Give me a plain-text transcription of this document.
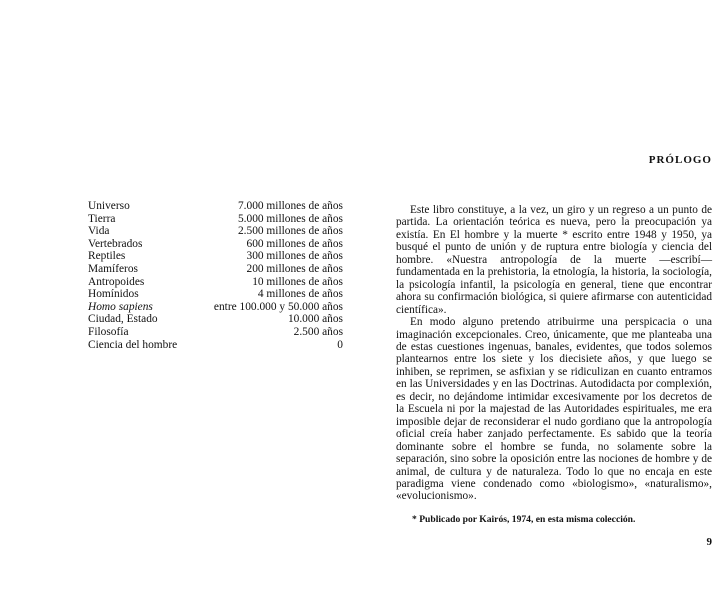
Universo	7.000 millones de años
Tierra	5.000 millones de años
Vida	2.500 millones de años
Vertebrados	600 millones de años
Reptiles	300 millones de años
Mamíferos	200 millones de años
Antropoides	10 millones de años
Homínidos	4 millones de años
Homo sapiens	entre 100.000 y 50.000 años
Ciudad, Estado	10.000 años
Filosofía	2.500 años
Ciencia del hombre	0
PRÓLOGO

Este libro constituye, a la vez, un giro y un regreso a un punto de partida. La orientación teórica es nueva, pero la preocupación ya existía. En El hombre y la muerte * escrito entre 1948 y 1950, ya busqué el punto de unión y de ruptura entre biología y ciencia del hombre. «Nuestra antropología de la muerte —escribí— fundamentada en la prehistoria, la etnología, la historia, la sociología, la psicología infantil, la psicología en general, tiene que encontrar ahora su confirmación biológica, si quiere afirmarse con autenticidad científica».

En modo alguno pretendo atribuirme una perspicacia o una imaginación excepcionales. Creo, únicamente, que me planteaba una de estas cuestiones ingenuas, banales, evidentes, que todos solemos plantearnos entre los siete y los diecisiete años, y que luego se inhiben, se reprimen, se asfixian y se ridiculizan en cuanto entramos en las Universidades y en las Doctrinas. Autodidacta por complexión, es decir, no dejándome intimidar excesivamente por los decretos de la Escuela ni por la majestad de las Autoridades espirituales, me era imposible dejar de reconsiderar el nudo gordiano que la antropología oficial creía haber zanjado perfectamente. Es sabido que la teoría dominante sobre el hombre se funda, no solamente sobre la separación, sino sobre la oposición entre las nociones de hombre y de animal, de cultura y de naturaleza. Todo lo que no encaja en este paradigma viene condenado como «biologismo», «naturalismo», «evolucionismo».

* Publicado por Kairós, 1974, en esta misma colección.
9
